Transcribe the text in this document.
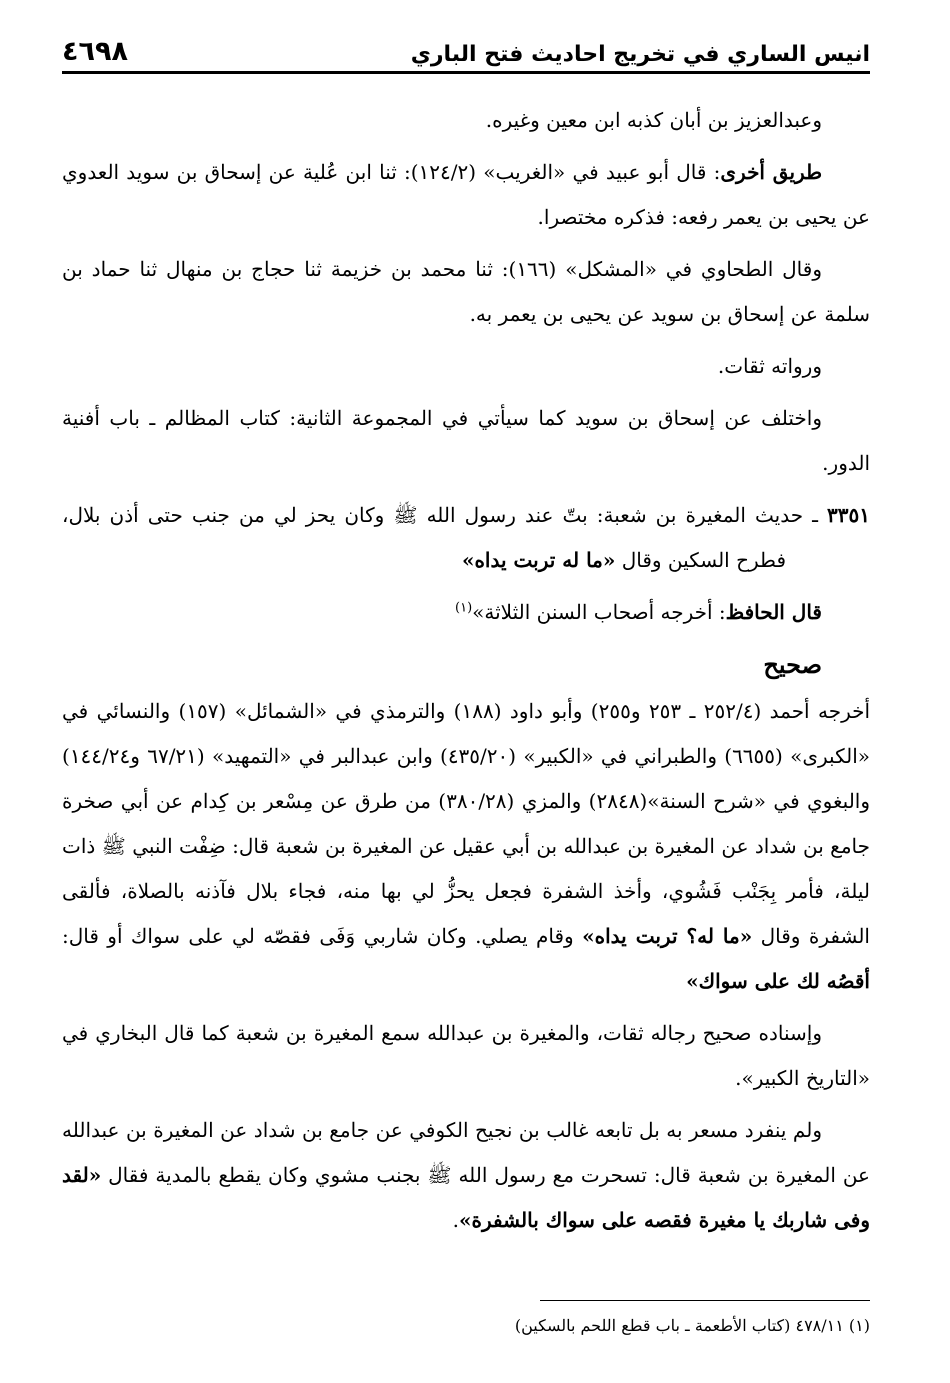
انيس الساري في تخريج احاديث فتح الباري
٤٦٩٨

وعبدالعزيز بن أبان كذبه ابن معين وغيره.

طريق أخرى: قال أبو عبيد في «الغريب» (١٢٤/٢): ثنا ابن عُلية عن إسحاق بن سويد العدوي عن يحيى بن يعمر رفعه: فذكره مختصرا.

وقال الطحاوي في «المشكل» (١٦٦): ثنا محمد بن خزيمة ثنا حجاج بن منهال ثنا حماد بن سلمة عن إسحاق بن سويد عن يحيى بن يعمر به.

ورواته ثقات.

واختلف عن إسحاق بن سويد كما سيأتي في المجموعة الثانية: كتاب المظالم ـ باب أفنية الدور.

٣٣٥١ ـ حديث المغيرة بن شعبة: بتّ عند رسول الله ﷺ وكان يحز لي من جنب حتى أذن بلال، فطرح السكين وقال «ما له تربت يداه»

قال الحافظ: أخرجه أصحاب السنن الثلاثة»$^{(١)}$

صحيح

أخرجه أحمد (٢٥٢/٤ ـ ٢٥٣ و٢٥٥) وأبو داود (١٨٨) والترمذي في «الشمائل» (١٥٧) والنسائي في «الكبرى» (٦٦٥٥) والطبراني في «الكبير» (٤٣٥/٢٠) وابن عبدالبر في «التمهيد» (٦٧/٢١ و١٤٤/٢٤) والبغوي في «شرح السنة»(٢٨٤٨) والمزي (٣٨٠/٢٨) من طرق عن مِسْعر بن كِدام عن أبي صخرة جامع بن شداد عن المغيرة بن عبدالله بن أبي عقيل عن المغيرة بن شعبة قال: ضِفْت النبي ﷺ ذات ليلة، فأمر بِجَنْب فَشُوي، وأخذ الشفرة فجعل يحزُّ لي بها منه، فجاء بلال فآذنه بالصلاة، فألقى الشفرة وقال «ما له؟ تربت يداه» وقام يصلي. وكان شاربي وَفَى فقصّه لي على سواك أو قال: أقصُه لك على سواك»

وإسناده صحيح رجاله ثقات، والمغيرة بن عبدالله سمع المغيرة بن شعبة كما قال البخاري في «التاريخ الكبير».

ولم ينفرد مسعر به بل تابعه غالب بن نجيح الكوفي عن جامع بن شداد عن المغيرة بن عبدالله عن المغيرة بن شعبة قال: تسحرت مع رسول الله ﷺ بجنب مشوي وكان يقطع بالمدية فقال «لقد وفى شاربك يا مغيرة فقصه على سواك بالشفرة».

(١) ٤٧٨/١١ (كتاب الأطعمة ـ باب قطع اللحم بالسكين)
